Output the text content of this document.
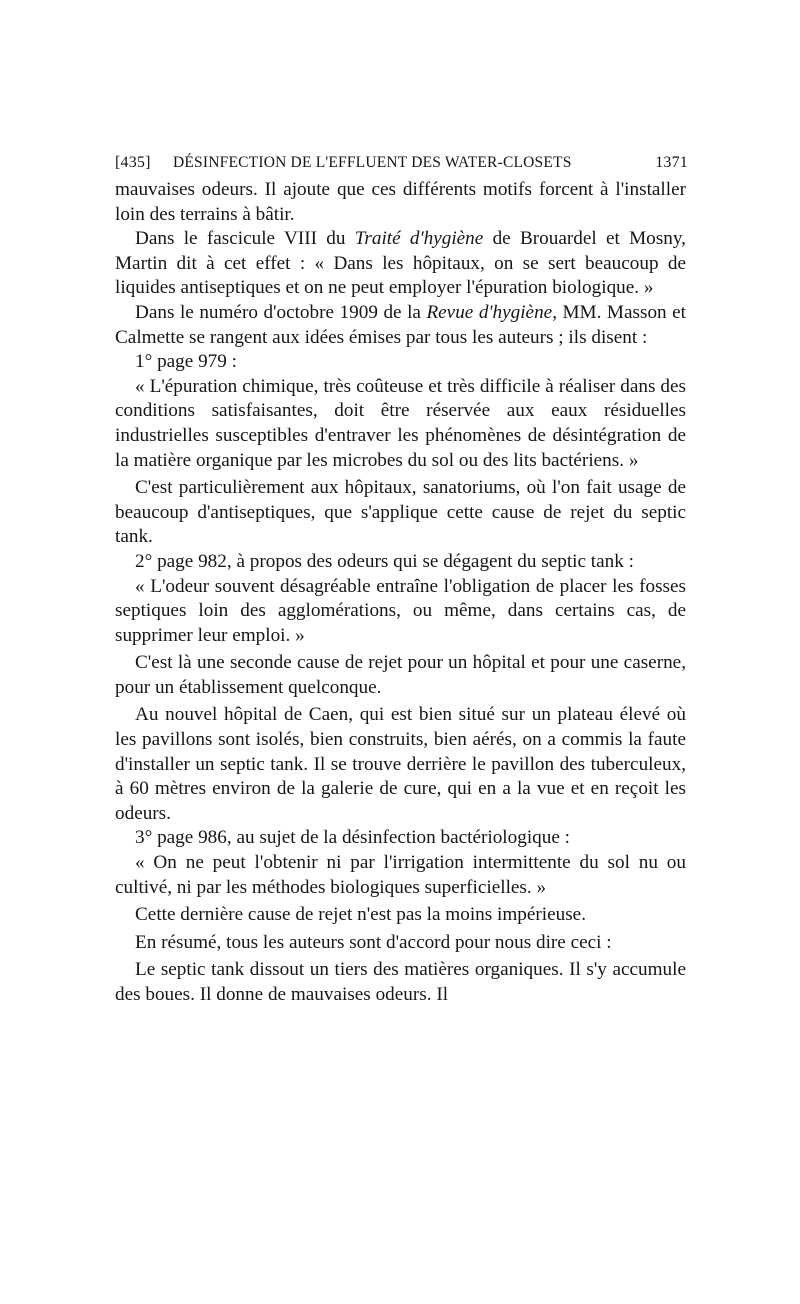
[435] DÉSINFECTION DE L'EFFLUENT DES WATER-CLOSETS	1371

mauvaises odeurs. Il ajoute que ces différents motifs forcent à l'installer loin des terrains à bâtir.

Dans le fascicule VIII du Traité d'hygiène de Brouardel et Mosny, Martin dit à cet effet : « Dans les hôpitaux, on se sert beaucoup de liquides antiseptiques et on ne peut employer l'épuration biologique. »

Dans le numéro d'octobre 1909 de la Revue d'hygiène, MM. Masson et Calmette se rangent aux idées émises par tous les auteurs ; ils disent :

1° page 979 :

« L'épuration chimique, très coûteuse et très difficile à réaliser dans des conditions satisfaisantes, doit être réservée aux eaux résiduelles industrielles susceptibles d'entraver les phénomènes de désintégration de la matière organique par les microbes du sol ou des lits bactériens. »

C'est particulièrement aux hôpitaux, sanatoriums, où l'on fait usage de beaucoup d'antiseptiques, que s'applique cette cause de rejet du septic tank.

2° page 982, à propos des odeurs qui se dégagent du septic tank :

« L'odeur souvent désagréable entraîne l'obligation de placer les fosses septiques loin des agglomérations, ou même, dans certains cas, de supprimer leur emploi. »

C'est là une seconde cause de rejet pour un hôpital et pour une caserne, pour un établissement quelconque.

Au nouvel hôpital de Caen, qui est bien situé sur un plateau élevé où les pavillons sont isolés, bien construits, bien aérés, on a commis la faute d'installer un septic tank. Il se trouve derrière le pavillon des tuberculeux, à 60 mètres environ de la galerie de cure, qui en a la vue et en reçoit les odeurs.

3° page 986, au sujet de la désinfection bactériologique :

« On ne peut l'obtenir ni par l'irrigation intermittente du sol nu ou cultivé, ni par les méthodes biologiques superficielles. »

Cette dernière cause de rejet n'est pas la moins impérieuse.

En résumé, tous les auteurs sont d'accord pour nous dire ceci :

Le septic tank dissout un tiers des matières organiques. Il s'y accumule des boues. Il donne de mauvaises odeurs. Il
